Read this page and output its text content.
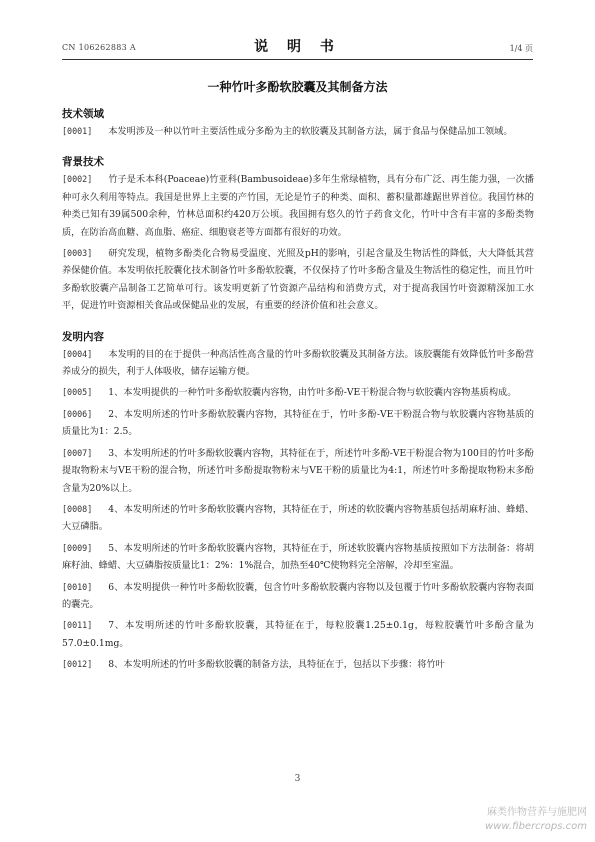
CN 106262883 A	说 明 书	1/4 页
一种竹叶多酚软胶囊及其制备方法

技术领域

[0001] 本发明涉及一种以竹叶主要活性成分多酚为主的软胶囊及其制备方法，属于食品与保健品加工领域。

背景技术

[0002] 竹子是禾本科(Poaceae)竹亚科(Bambusoideae)多年生常绿植物，具有分布广泛、再生能力强，一次播种可永久利用等特点。我国是世界上主要的产竹国，无论是竹子的种类、面积、蓄积量都雄踞世界首位。我国竹林的种类已知有39属500余种，竹林总面积约420万公顷。我国拥有悠久的竹子药食文化，竹叶中含有丰富的多酚类物质，在防治高血糖、高血脂、癌症、细胞衰老等方面都有很好的功效。

[0003] 研究发现，植物多酚类化合物易受温度、光照及pH的影响，引起含量及生物活性的降低，大大降低其营养保健价值。本发明依托胶囊化技术制备竹叶多酚软胶囊，不仅保持了竹叶多酚含量及生物活性的稳定性，而且竹叶多酚软胶囊产品制备工艺简单可行。该发明更新了竹资源产品结构和消费方式，对于提高我国竹叶资源精深加工水平，促进竹叶资源相关食品或保健品业的发展，有重要的经济价值和社会意义。

发明内容

[0004] 本发明的目的在于提供一种高活性高含量的竹叶多酚软胶囊及其制备方法。该胶囊能有效降低竹叶多酚营养成分的损失，利于人体吸收，储存运输方便。

[0005] 1、本发明提供的一种竹叶多酚软胶囊内容物，由竹叶多酚-VE干粉混合物与软胶囊内容物基质构成。

[0006] 2、本发明所述的竹叶多酚软胶囊内容物，其特征在于，竹叶多酚-VE干粉混合物与软胶囊内容物基质的质量比为1：2.5。

[0007] 3、本发明所述的竹叶多酚软胶囊内容物，其特征在于，所述竹叶多酚-VE干粉混合物为100目的竹叶多酚提取物粉末与VE干粉的混合物，所述竹叶多酚提取物粉末与VE干粉的质量比为4:1，所述竹叶多酚提取物粉末多酚含量为20%以上。

[0008] 4、本发明所述的竹叶多酚软胶囊内容物，其特征在于，所述的软胶囊内容物基质包括胡麻籽油、蜂蜡、大豆磷脂。

[0009] 5、本发明所述的竹叶多酚软胶囊内容物，其特征在于，所述软胶囊内容物基质按照如下方法制备：将胡麻籽油、蜂蜡、大豆磷脂按质量比1：2%：1%混合，加热至40℃使物料完全溶解，冷却至室温。

[0010] 6、本发明提供一种竹叶多酚软胶囊，包含竹叶多酚软胶囊内容物以及包覆于竹叶多酚软胶囊内容物表面的囊壳。

[0011] 7、本发明所述的竹叶多酚软胶囊，其特征在于，每粒胶囊1.25±0.1g，每粒胶囊竹叶多酚含量为57.0±0.1mg。

[0012] 8、本发明所述的竹叶多酚软胶囊的制备方法，具特征在于，包括以下步骤：将竹叶

3
麻类作物营养与施肥网
www.fibercrops.com
